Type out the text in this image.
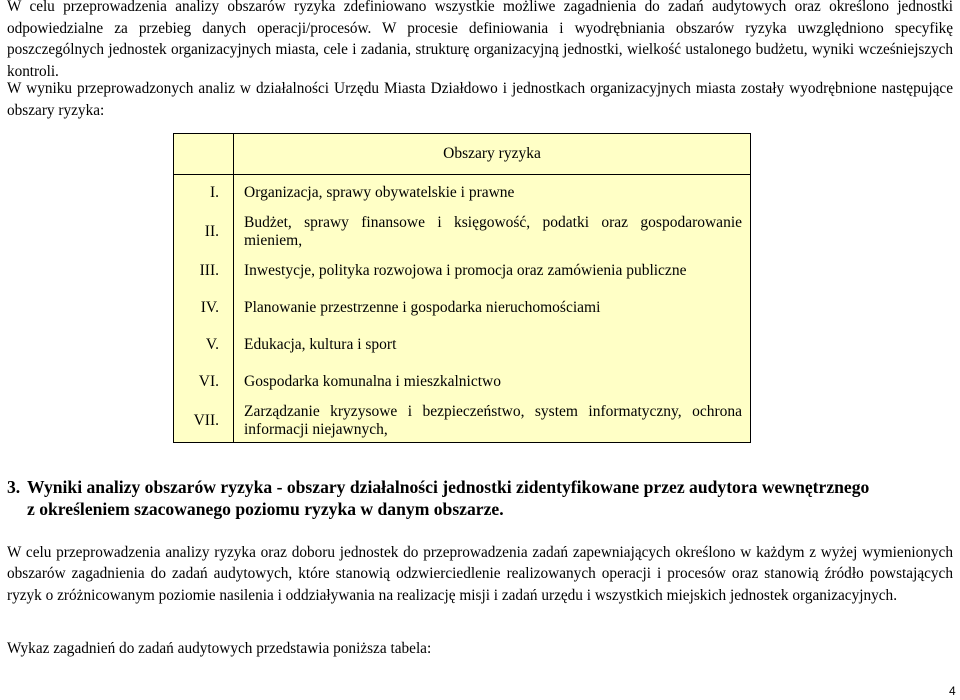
W celu przeprowadzenia analizy obszarów ryzyka zdefiniowano wszystkie możliwe zagadnienia do zadań audytowych oraz określono jednostki odpowiedzialne za przebieg danych operacji/procesów. W procesie definiowania i wyodrębniania obszarów ryzyka uwzględniono specyfikę poszczególnych jednostek organizacyjnych miasta, cele i zadania, strukturę organizacyjną jednostki, wielkość ustalonego budżetu, wyniki wcześniejszych kontroli.

W wyniku przeprowadzonych analiz w działalności Urzędu Miasta Działdowo i jednostkach organizacyjnych miasta zostały wyodrębnione następujące obszary ryzyka:

	Obszary ryzyka
I.	Organizacja, sprawy obywatelskie i prawne
II.	Budżet, sprawy finansowe i księgowość, podatki oraz gospodarowanie mieniem,
III.	Inwestycje, polityka rozwojowa i promocja oraz zamówienia publiczne
IV.	Planowanie przestrzenne i gospodarka nieruchomościami
V.	Edukacja, kultura i sport
VI.	Gospodarka komunalna i mieszkalnictwo
VII.	Zarządzanie kryzysowe i bezpieczeństwo, system informatyczny, ochrona informacji niejawnych,
3. Wyniki analizy obszarów ryzyka - obszary działalności jednostki zidentyfikowane przez audytora wewnętrznego
z określeniem szacowanego poziomu ryzyka w danym obszarze.

W celu przeprowadzenia analizy ryzyka oraz doboru jednostek do przeprowadzenia zadań zapewniających określono w każdym z wyżej wymienionych obszarów zagadnienia do zadań audytowych, które stanowią odzwierciedlenie realizowanych operacji i procesów oraz stanowią źródło powstających ryzyk o zróżnicowanym poziomie nasilenia i oddziaływania na realizację misji i zadań urzędu i wszystkich miejskich jednostek organizacyjnych.

Wykaz zagadnień do zadań audytowych przedstawia poniższa tabela:

4
